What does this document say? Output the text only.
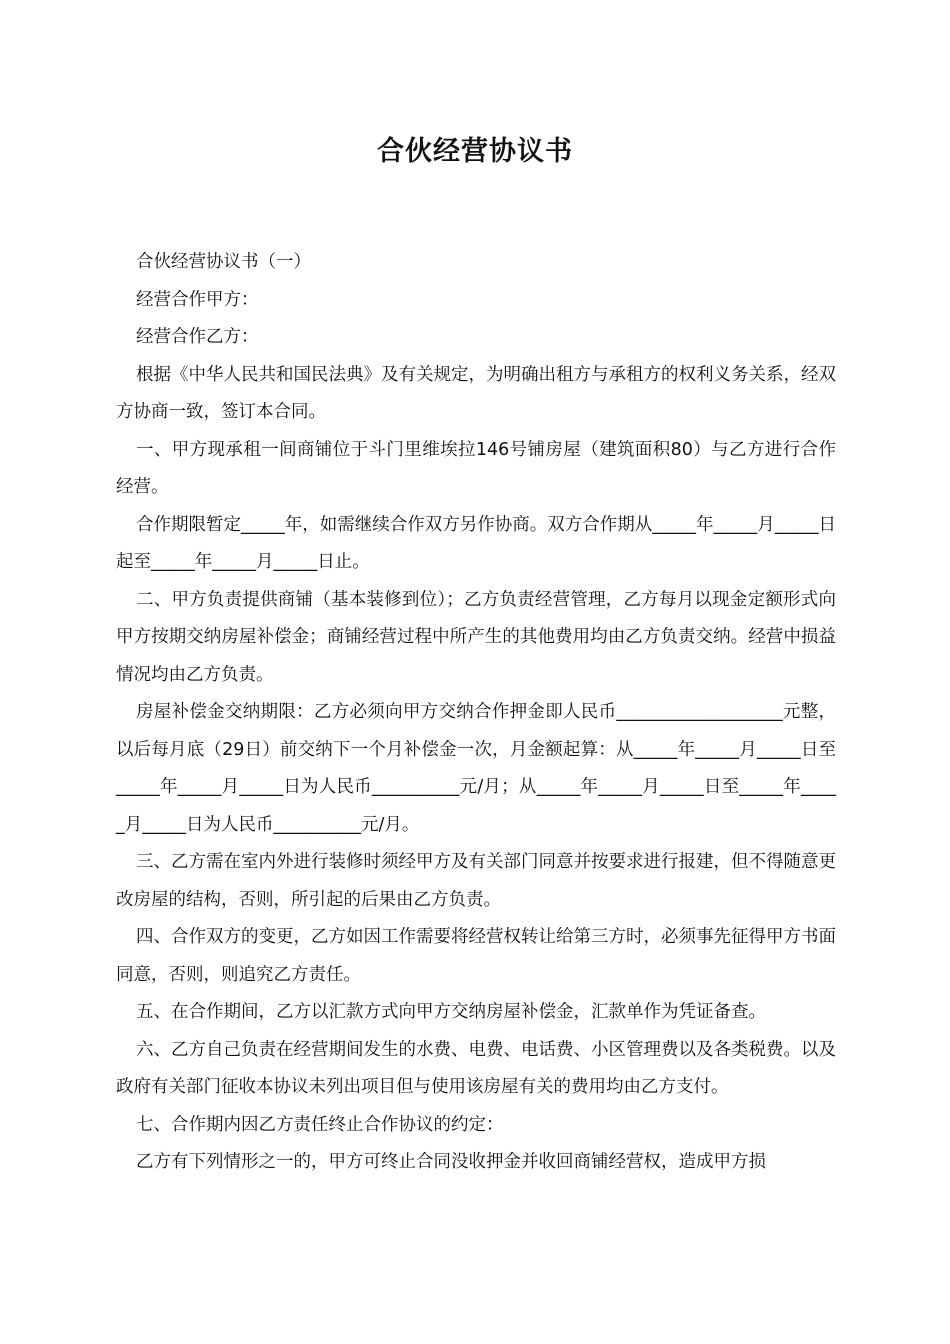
合伙经营协议书

合伙经营协议书（一）

经营合作甲方：

经营合作乙方：

根据《中华人民共和国民法典》及有关规定，为明确出租方与承租方的权利义务关系，经双方协商一致，签订本合同。

一、甲方现承租一间商铺位于斗门里维埃拉146号铺房屋（建筑面积80）与乙方进行合作经营。

合作期限暂定_____年，如需继续合作双方另作协商。双方合作期从_____年_____月_____日起至_____年_____月_____日止。

二、甲方负责提供商铺（基本装修到位）；乙方负责经营管理，乙方每月以现金定额形式向甲方按期交纳房屋补偿金；商铺经营过程中所产生的其他费用均由乙方负责交纳。经营中损益情况均由乙方负责。

房屋补偿金交纳期限：乙方必须向甲方交纳合作押金即人民币___________________元整，以后每月底（29日）前交纳下一个月补偿金一次，月金额起算：从_____年_____月_____日至_____年_____月_____日为人民币__________元/月；从_____年_____月_____日至_____年_____月_____日为人民币__________元/月。

三、乙方需在室内外进行装修时须经甲方及有关部门同意并按要求进行报建，但不得随意更改房屋的结构，否则，所引起的后果由乙方负责。

四、合作双方的变更，乙方如因工作需要将经营权转让给第三方时，必须事先征得甲方书面同意，否则，则追究乙方责任。

五、在合作期间，乙方以汇款方式向甲方交纳房屋补偿金，汇款单作为凭证备查。

六、乙方自己负责在经营期间发生的水费、电费、电话费、小区管理费以及各类税费。以及政府有关部门征收本协议未列出项目但与使用该房屋有关的费用均由乙方支付。

七、合作期内因乙方责任终止合作协议的约定：

乙方有下列情形之一的，甲方可终止合同没收押金并收回商铺经营权，造成甲方损
